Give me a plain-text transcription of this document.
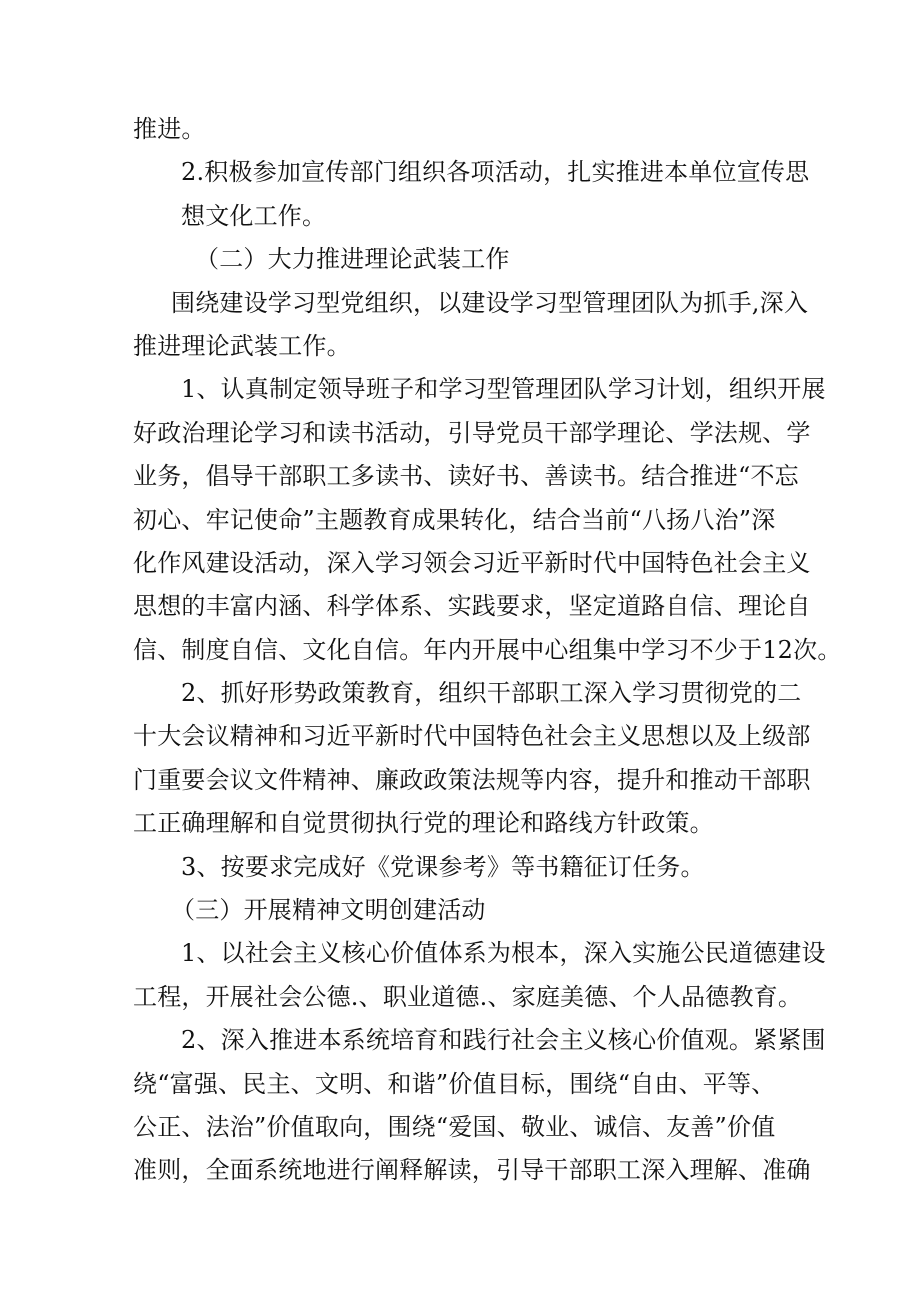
推进。
2.积极参加宣传部门组织各项活动，扎实推进本单位宣传思
想文化工作。
（二）大力推进理论武装工作
围绕建设学习型党组织，以建设学习型管理团队为抓手,深入
推进理论武装工作。
1、认真制定领导班子和学习型管理团队学习计划，组织开展
好政治理论学习和读书活动，引导党员干部学理论、学法规、学
业务，倡导干部职工多读书、读好书、善读书。结合推进“不忘
初心、牢记使命”主题教育成果转化，结合当前“八扬八治”深
化作风建设活动，深入学习领会习近平新时代中国特色社会主义
思想的丰富内涵、科学体系、实践要求，坚定道路自信、理论自
信、制度自信、文化自信。年内开展中心组集中学习不少于12次。
2、抓好形势政策教育，组织干部职工深入学习贯彻党的二
十大会议精神和习近平新时代中国特色社会主义思想以及上级部
门重要会议文件精神、廉政政策法规等内容，提升和推动干部职
工正确理解和自觉贯彻执行党的理论和路线方针政策。
3、按要求完成好《党课参考》等书籍征订任务。
（三）开展精神文明创建活动
1、以社会主义核心价值体系为根本，深入实施公民道德建设
工程，开展社会公德.、职业道德.、家庭美德、个人品德教育。
2、深入推进本系统培育和践行社会主义核心价值观。紧紧围
绕“富强、民主、文明、和谐”价值目标，围绕“自由、平等、
公正、法治”价值取向，围绕“爱国、敬业、诚信、友善”价值
准则，全面系统地进行阐释解读，引导干部职工深入理解、准确
